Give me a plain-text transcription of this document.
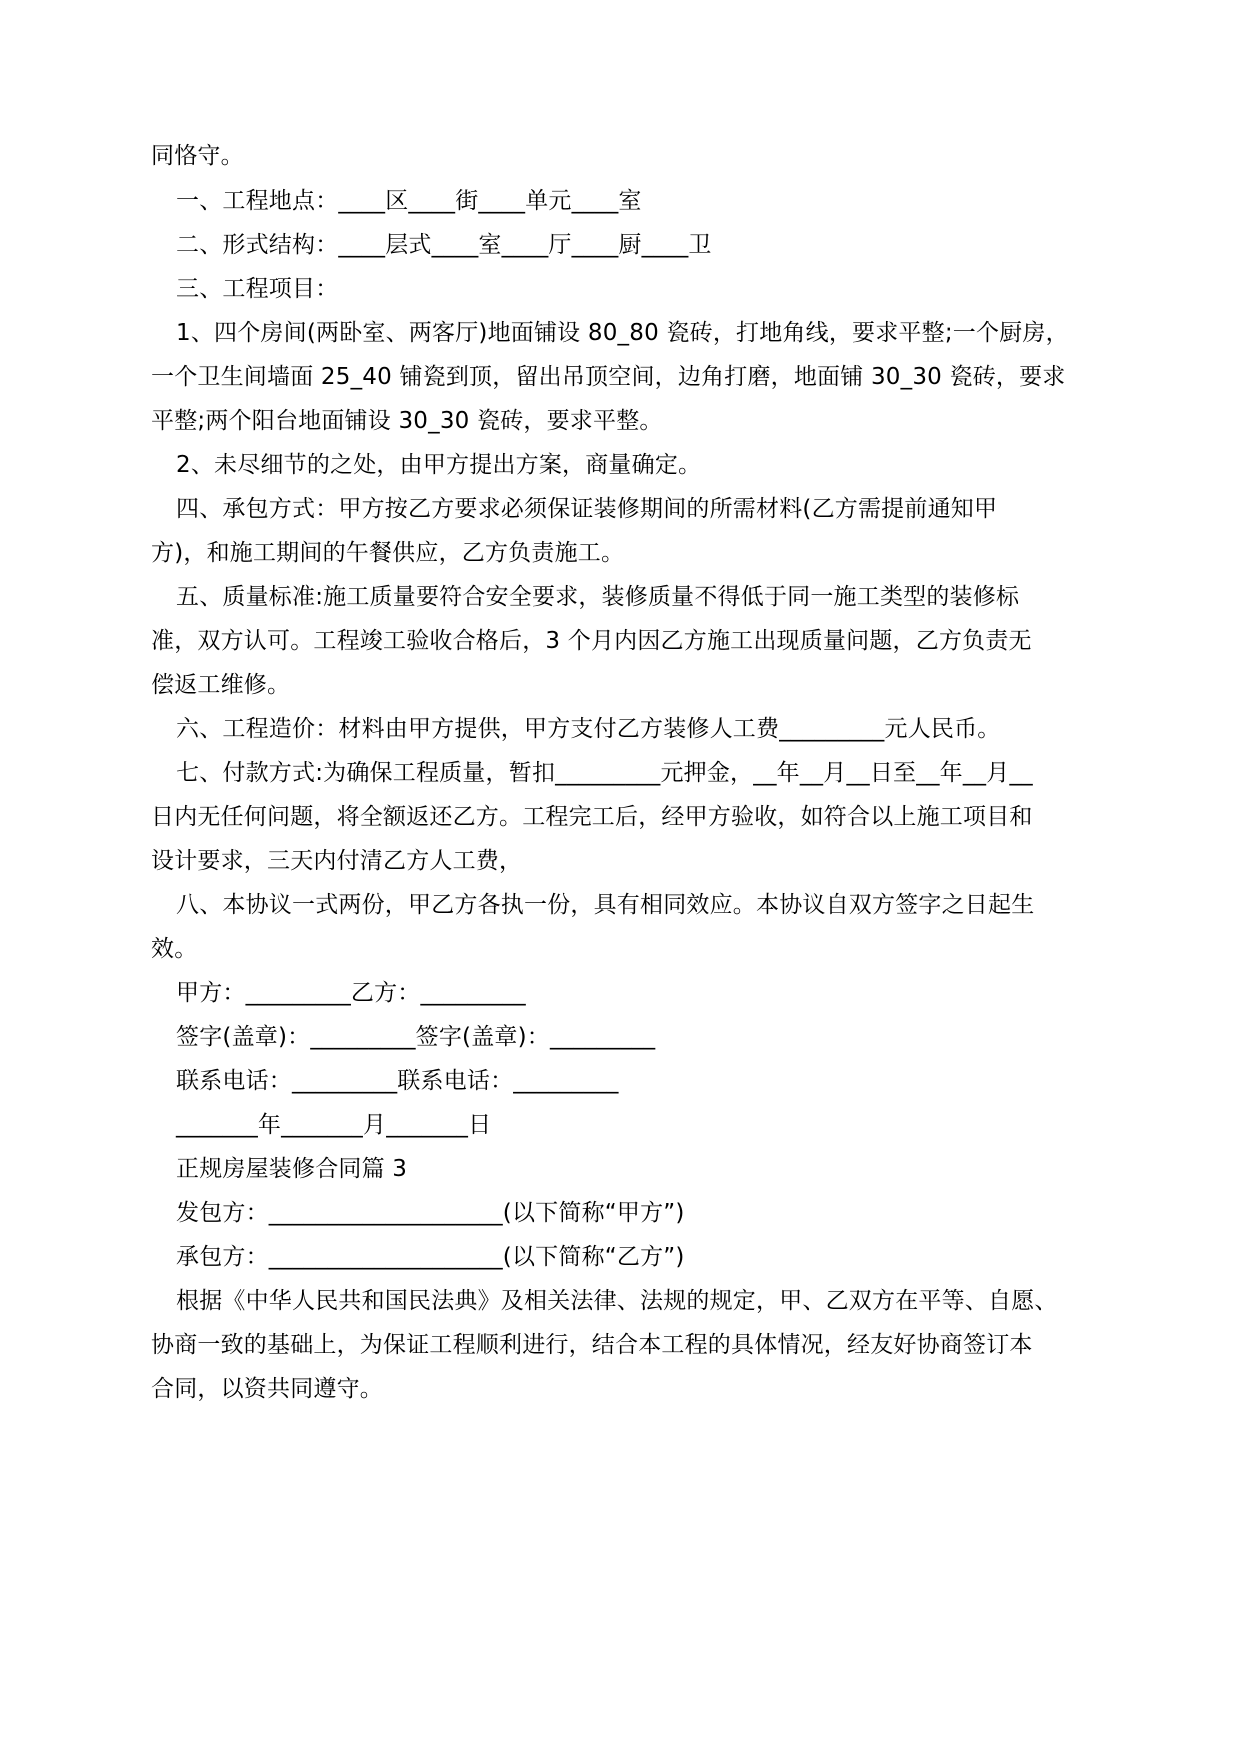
同恪守。
一、工程地点：____区____街____单元____室
二、形式结构：____层式____室____厅____厨____卫
三、工程项目：
1、四个房间(两卧室、两客厅)地面铺设 80_80 瓷砖，打地角线，要求平整;一个厨房，
一个卫生间墙面 25_40 铺瓷到顶，留出吊顶空间，边角打磨，地面铺 30_30 瓷砖，要求
平整;两个阳台地面铺设 30_30 瓷砖，要求平整。
2、未尽细节的之处，由甲方提出方案，商量确定。
四、承包方式：甲方按乙方要求必须保证装修期间的所需材料(乙方需提前通知甲
方)，和施工期间的午餐供应，乙方负责施工。
五、质量标准:施工质量要符合安全要求，装修质量不得低于同一施工类型的装修标
准，双方认可。工程竣工验收合格后，3 个月内因乙方施工出现质量问题，乙方负责无
偿返工维修。
六、工程造价：材料由甲方提供，甲方支付乙方装修人工费_________元人民币。
七、付款方式:为确保工程质量，暂扣_________元押金，__年__月__日至__年__月__
日内无任何问题，将全额返还乙方。工程完工后，经甲方验收，如符合以上施工项目和
设计要求，三天内付清乙方人工费，
八、本协议一式两份，甲乙方各执一份，具有相同效应。本协议自双方签字之日起生
效。
甲方：_________乙方：_________
签字(盖章)：_________签字(盖章)：_________
联系电话：_________联系电话：_________
_______年_______月_______日
正规房屋装修合同篇 3
发包方：____________________(以下简称“甲方”)
承包方：____________________(以下简称“乙方”)
根据《中华人民共和国民法典》及相关法律、法规的规定，甲、乙双方在平等、自愿、
协商一致的基础上，为保证工程顺利进行，结合本工程的具体情况，经友好协商签订本
合同，以资共同遵守。
